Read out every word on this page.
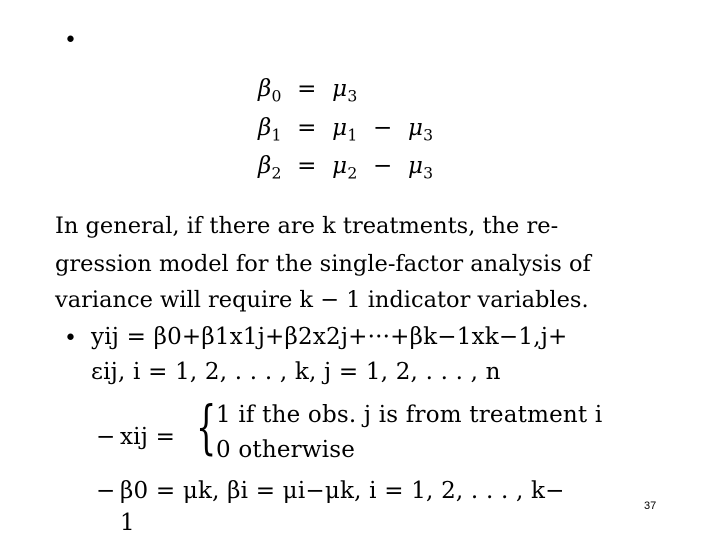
•
$\beta_0 = \mu_3$
$\beta_1 = \mu_1 - \mu_3$
$\beta_2 = \mu_2 - \mu_3$
In general, if there are k treatments, the re-
gression model for the single-factor analysis of
variance will require k − 1 indicator variables.
• yij = β0+β1x1j+β2x2j+···+βk−1xk−1,j+
εij, i = 1, 2, . . . , k, j = 1, 2, . . . , n
− xij = { 1 if the obs. j is from treatment i
0 otherwise
− β0 = μk, βi = μi−μk, i = 1, 2, . . . , k−
1
37
